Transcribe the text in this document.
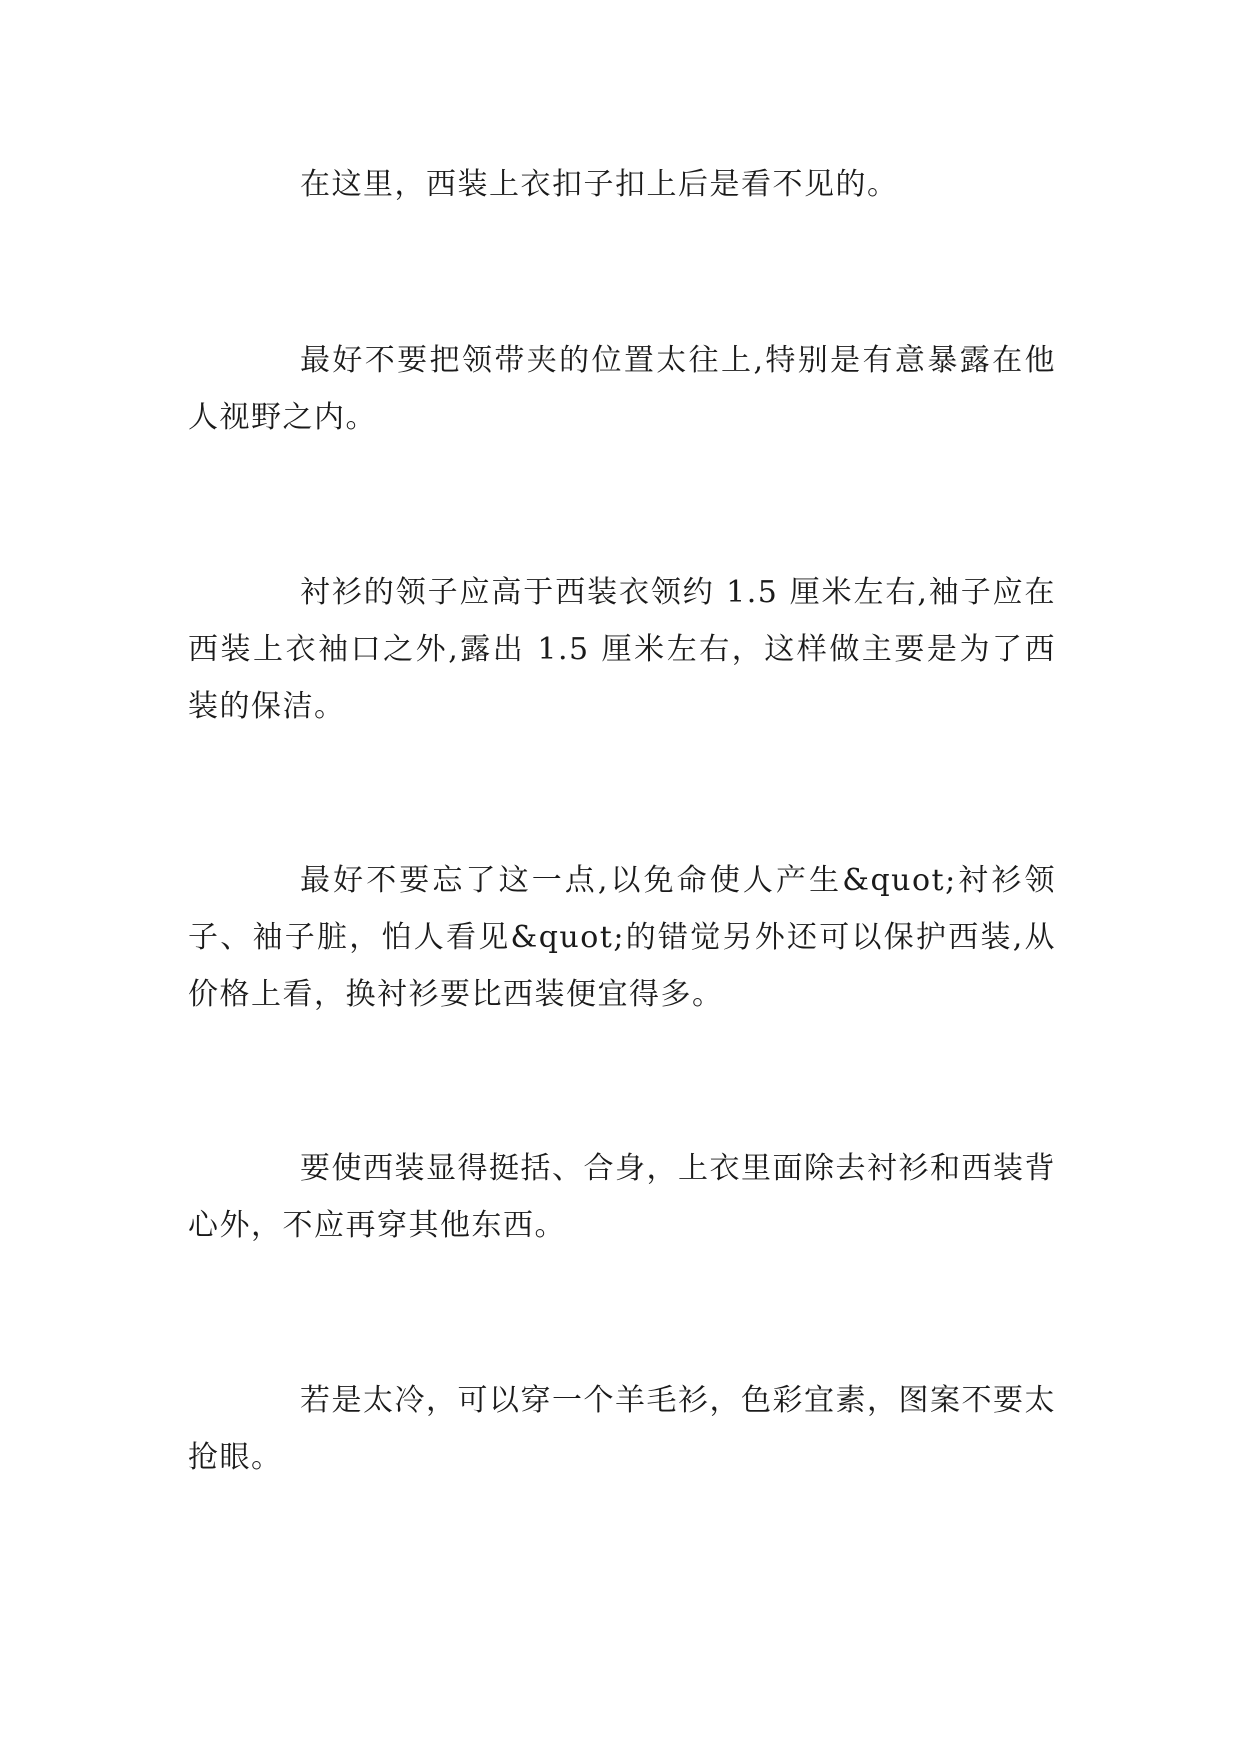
在这里，西装上衣扣子扣上后是看不见的。

最好不要把领带夹的位置太往上,特别是有意暴露在他人视野之内。

衬衫的领子应高于西装衣领约 1.5 厘米左右,袖子应在西装上衣袖口之外,露出 1.5 厘米左右，这样做主要是为了西装的保洁。

最好不要忘了这一点,以免命使人产生&quot;衬衫领子、袖子脏，怕人看见&quot;的错觉另外还可以保护西装,从价格上看，换衬衫要比西装便宜得多。

要使西装显得挺括、合身，上衣里面除去衬衫和西装背心外，不应再穿其他东西。

若是太冷，可以穿一个羊毛衫，色彩宜素，图案不要太抢眼。
